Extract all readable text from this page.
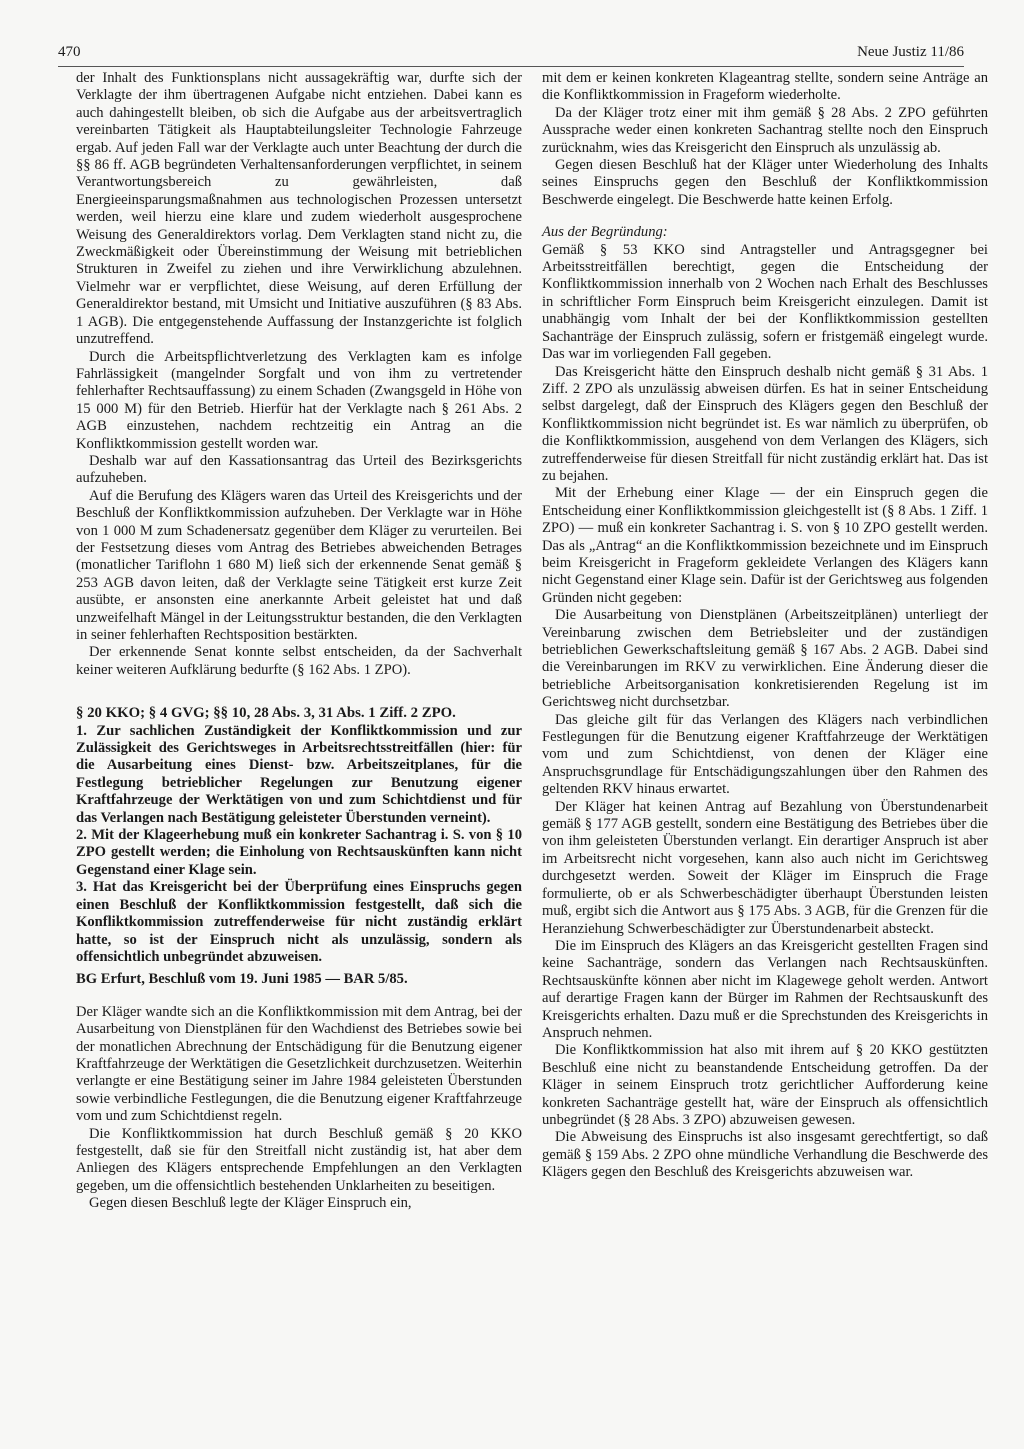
470	Neue Justiz 11/86

der Inhalt des Funktionsplans nicht aussagekräftig war, durfte sich der Verklagte der ihm übertragenen Aufgabe nicht entziehen. Dabei kann es auch dahingestellt bleiben, ob sich die Aufgabe aus der arbeitsvertraglich vereinbarten Tätigkeit als Hauptabteilungsleiter Technologie Fahrzeuge ergab. Auf jeden Fall war der Verklagte auch unter Beachtung der durch die §§ 86 ff. AGB begründeten Verhaltensanforderungen verpflichtet, in seinem Verantwortungsbereich zu gewährleisten, daß Energieeinsparungsmaßnahmen aus technologischen Prozessen untersetzt werden, weil hierzu eine klare und zudem wiederholt ausgesprochene Weisung des Generaldirektors vorlag. Dem Verklagten stand nicht zu, die Zweckmäßigkeit oder Übereinstimmung der Weisung mit betrieblichen Strukturen in Zweifel zu ziehen und ihre Verwirklichung abzulehnen. Vielmehr war er verpflichtet, diese Weisung, auf deren Erfüllung der Generaldirektor bestand, mit Umsicht und Initiative auszuführen (§ 83 Abs. 1 AGB). Die entgegenstehende Auffassung der Instanzgerichte ist folglich unzutreffend.

Durch die Arbeitspflichtverletzung des Verklagten kam es infolge Fahrlässigkeit (mangelnder Sorgfalt und von ihm zu vertretender fehlerhafter Rechtsauffassung) zu einem Schaden (Zwangsgeld in Höhe von 15 000 M) für den Betrieb. Hierfür hat der Verklagte nach § 261 Abs. 2 AGB einzustehen, nachdem rechtzeitig ein Antrag an die Konfliktkommission gestellt worden war.

Deshalb war auf den Kassationsantrag das Urteil des Bezirksgerichts aufzuheben.

Auf die Berufung des Klägers waren das Urteil des Kreisgerichts und der Beschluß der Konfliktkommission aufzuheben. Der Verklagte war in Höhe von 1 000 M zum Schadenersatz gegenüber dem Kläger zu verurteilen. Bei der Festsetzung dieses vom Antrag des Betriebes abweichenden Betrages (monatlicher Tariflohn 1 680 M) ließ sich der erkennende Senat gemäß § 253 AGB davon leiten, daß der Verklagte seine Tätigkeit erst kurze Zeit ausübte, er ansonsten eine anerkannte Arbeit geleistet hat und daß unzweifelhaft Mängel in der Leitungsstruktur bestanden, die den Verklagten in seiner fehlerhaften Rechtsposition bestärkten.

Der erkennende Senat konnte selbst entscheiden, da der Sachverhalt keiner weiteren Aufklärung bedurfte (§ 162 Abs. 1 ZPO).

§ 20 KKO; § 4 GVG; §§ 10, 28 Abs. 3, 31 Abs. 1 Ziff. 2 ZPO.

1. Zur sachlichen Zuständigkeit der Konfliktkommission und zur Zulässigkeit des Gerichtsweges in Arbeitsrechtsstreitfällen (hier: für die Ausarbeitung eines Dienst- bzw. Arbeitszeitplanes, für die Festlegung betrieblicher Regelungen zur Benutzung eigener Kraftfahrzeuge der Werktätigen von und zum Schichtdienst und für das Verlangen nach Bestätigung geleisteter Überstunden verneint).

2. Mit der Klageerhebung muß ein konkreter Sachantrag i. S. von § 10 ZPO gestellt werden; die Einholung von Rechtsauskünften kann nicht Gegenstand einer Klage sein.

3. Hat das Kreisgericht bei der Überprüfung eines Einspruchs gegen einen Beschluß der Konfliktkommission festgestellt, daß sich die Konfliktkommission zutreffenderweise für nicht zuständig erklärt hatte, so ist der Einspruch nicht als unzulässig, sondern als offensichtlich unbegründet abzuweisen.

BG Erfurt, Beschluß vom 19. Juni 1985 — BAR 5/85.

Der Kläger wandte sich an die Konfliktkommission mit dem Antrag, bei der Ausarbeitung von Dienstplänen für den Wachdienst des Betriebes sowie bei der monatlichen Abrechnung der Entschädigung für die Benutzung eigener Kraftfahrzeuge der Werktätigen die Gesetzlichkeit durchzusetzen. Weiterhin verlangte er eine Bestätigung seiner im Jahre 1984 geleisteten Überstunden sowie verbindliche Festlegungen, die die Benutzung eigener Kraftfahrzeuge vom und zum Schichtdienst regeln.

Die Konfliktkommission hat durch Beschluß gemäß § 20 KKO festgestellt, daß sie für den Streitfall nicht zuständig ist, hat aber dem Anliegen des Klägers entsprechende Empfehlungen an den Verklagten gegeben, um die offensichtlich bestehenden Unklarheiten zu beseitigen.

Gegen diesen Beschluß legte der Kläger Einspruch ein,

mit dem er keinen konkreten Klageantrag stellte, sondern seine Anträge an die Konfliktkommission in Frageform wiederholte.

Da der Kläger trotz einer mit ihm gemäß § 28 Abs. 2 ZPO geführten Aussprache weder einen konkreten Sachantrag stellte noch den Einspruch zurücknahm, wies das Kreisgericht den Einspruch als unzulässig ab.

Gegen diesen Beschluß hat der Kläger unter Wiederholung des Inhalts seines Einspruchs gegen den Beschluß der Konfliktkommission Beschwerde eingelegt. Die Beschwerde hatte keinen Erfolg.

Aus der Begründung:

Gemäß § 53 KKO sind Antragsteller und Antragsgegner bei Arbeitsstreitfällen berechtigt, gegen die Entscheidung der Konfliktkommission innerhalb von 2 Wochen nach Erhalt des Beschlusses in schriftlicher Form Einspruch beim Kreisgericht einzulegen. Damit ist unabhängig vom Inhalt der bei der Konfliktkommission gestellten Sachanträge der Einspruch zulässig, sofern er fristgemäß eingelegt wurde. Das war im vorliegenden Fall gegeben.

Das Kreisgericht hätte den Einspruch deshalb nicht gemäß § 31 Abs. 1 Ziff. 2 ZPO als unzulässig abweisen dürfen. Es hat in seiner Entscheidung selbst dargelegt, daß der Einspruch des Klägers gegen den Beschluß der Konfliktkommission nicht begründet ist. Es war nämlich zu überprüfen, ob die Konfliktkommission, ausgehend von dem Verlangen des Klägers, sich zutreffenderweise für diesen Streitfall für nicht zuständig erklärt hat. Das ist zu bejahen.

Mit der Erhebung einer Klage — der ein Einspruch gegen die Entscheidung einer Konfliktkommission gleichgestellt ist (§ 8 Abs. 1 Ziff. 1 ZPO) — muß ein konkreter Sachantrag i. S. von § 10 ZPO gestellt werden. Das als „Antrag“ an die Konfliktkommission bezeichnete und im Einspruch beim Kreisgericht in Frageform gekleidete Verlangen des Klägers kann nicht Gegenstand einer Klage sein. Dafür ist der Gerichtsweg aus folgenden Gründen nicht gegeben:

Die Ausarbeitung von Dienstplänen (Arbeitszeitplänen) unterliegt der Vereinbarung zwischen dem Betriebsleiter und der zuständigen betrieblichen Gewerkschaftsleitung gemäß § 167 Abs. 2 AGB. Dabei sind die Vereinbarungen im RKV zu verwirklichen. Eine Änderung dieser die betriebliche Arbeitsorganisation konkretisierenden Regelung ist im Gerichtsweg nicht durchsetzbar.

Das gleiche gilt für das Verlangen des Klägers nach verbindlichen Festlegungen für die Benutzung eigener Kraftfahrzeuge der Werktätigen vom und zum Schichtdienst, von denen der Kläger eine Anspruchsgrundlage für Entschädigungszahlungen über den Rahmen des geltenden RKV hinaus erwartet.

Der Kläger hat keinen Antrag auf Bezahlung von Überstundenarbeit gemäß § 177 AGB gestellt, sondern eine Bestätigung des Betriebes über die von ihm geleisteten Überstunden verlangt. Ein derartiger Anspruch ist aber im Arbeitsrecht nicht vorgesehen, kann also auch nicht im Gerichtsweg durchgesetzt werden. Soweit der Kläger im Einspruch die Frage formulierte, ob er als Schwerbeschädigter überhaupt Überstunden leisten muß, ergibt sich die Antwort aus § 175 Abs. 3 AGB, für die Grenzen für die Heranziehung Schwerbeschädigter zur Überstundenarbeit absteckt.

Die im Einspruch des Klägers an das Kreisgericht gestellten Fragen sind keine Sachanträge, sondern das Verlangen nach Rechtsauskünften. Rechtsauskünfte können aber nicht im Klagewege geholt werden. Antwort auf derartige Fragen kann der Bürger im Rahmen der Rechtsauskunft des Kreisgerichts erhalten. Dazu muß er die Sprechstunden des Kreisgerichts in Anspruch nehmen.

Die Konfliktkommission hat also mit ihrem auf § 20 KKO gestützten Beschluß eine nicht zu beanstandende Entscheidung getroffen. Da der Kläger in seinem Einspruch trotz gerichtlicher Aufforderung keine konkreten Sachanträge gestellt hat, wäre der Einspruch als offensichtlich unbegründet (§ 28 Abs. 3 ZPO) abzuweisen gewesen.

Die Abweisung des Einspruchs ist also insgesamt gerechtfertigt, so daß gemäß § 159 Abs. 2 ZPO ohne mündliche Verhandlung die Beschwerde des Klägers gegen den Beschluß des Kreisgerichts abzuweisen war.
